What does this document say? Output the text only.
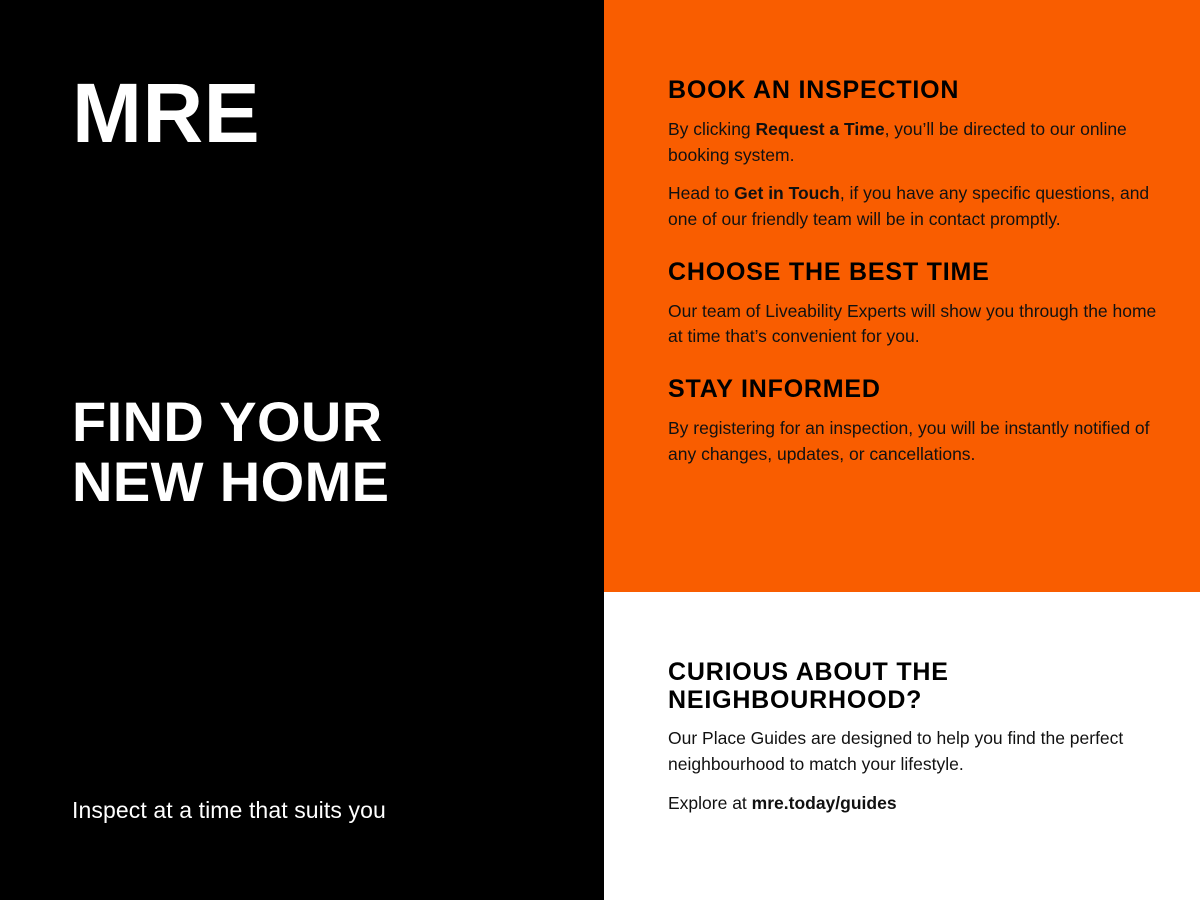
MRE
FIND YOUR
NEW HOME
Inspect at a time that suits you
BOOK AN INSPECTION

By clicking Request a Time, you’ll be directed to our online booking system.

Head to Get in Touch, if you have any specific questions, and one of our friendly team will be in contact promptly.

CHOOSE THE BEST TIME

Our team of Liveability Experts will show you through the home at time that’s convenient for you.

STAY INFORMED

By registering for an inspection, you will be instantly notified of any changes, updates, or cancellations.

CURIOUS ABOUT THE
NEIGHBOURHOOD?

Our Place Guides are designed to help you find the perfect neighbourhood to match your lifestyle.

Explore at mre.today/guides
